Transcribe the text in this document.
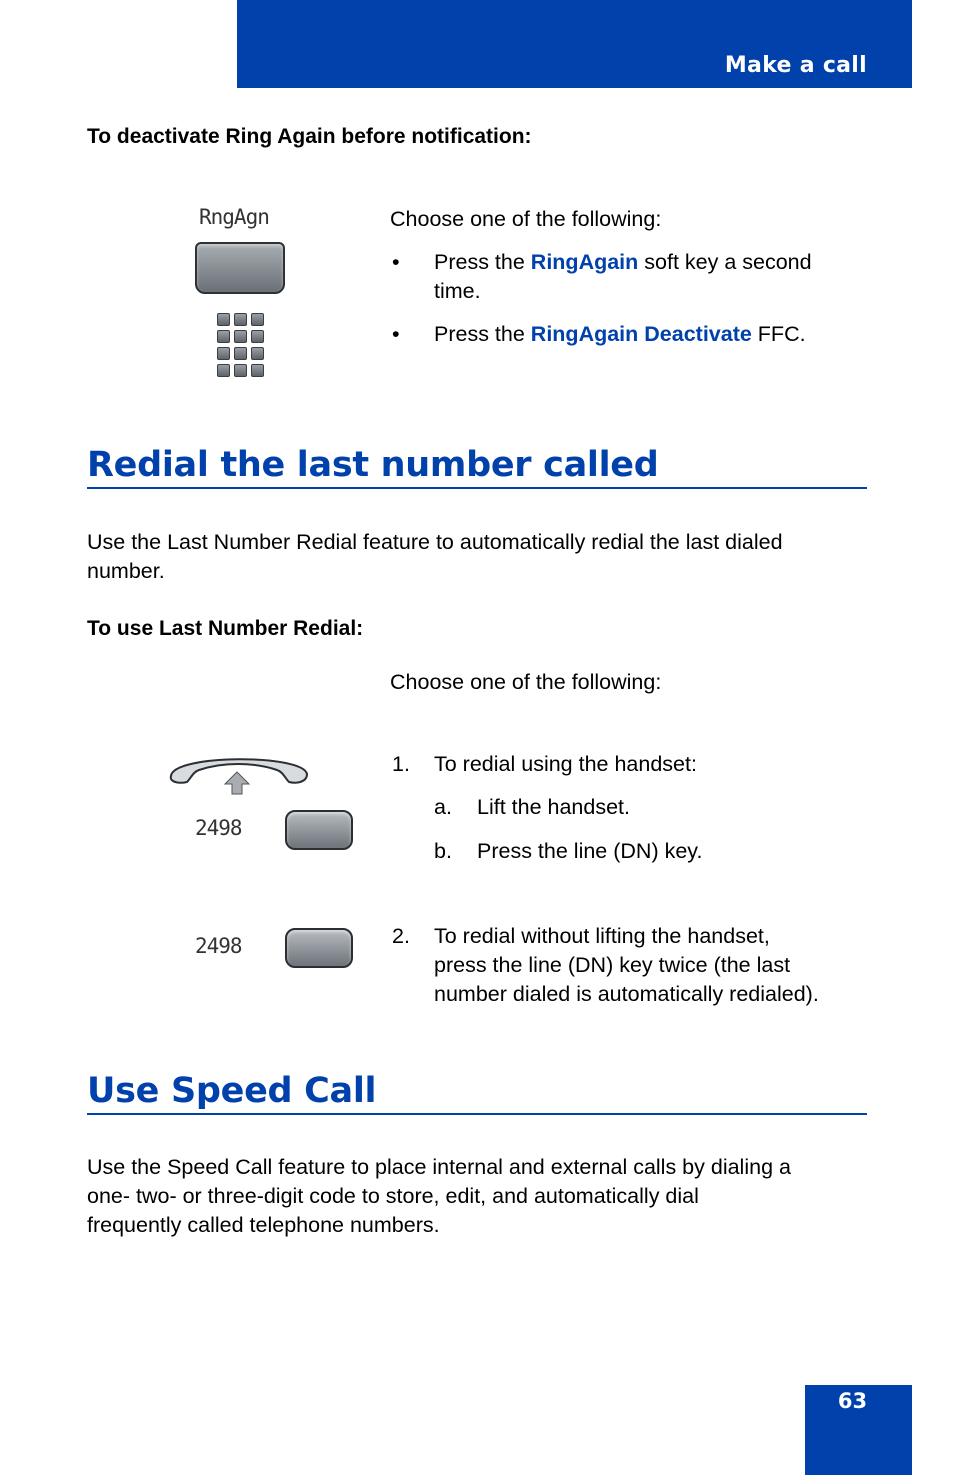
Make a call
To deactivate Ring Again before notification:
RngAgn	Choose one of the following:
• Press the RingAgain soft key a second
time.
• Press the RingAgain Deactivate FFC.
Redial the last number called
Use the Last Number Redial feature to automatically redial the last dialed
number.
To use Last Number Redial:
Choose one of the following:
2498
1. To redial using the handset:
a. Lift the handset.
b. Press the line (DN) key.
2498	2. To redial without lifting the handset,
press the line (DN) key twice (the last
number dialed is automatically redialed).
Use Speed Call
Use the Speed Call feature to place internal and external calls by dialing a
one- two- or three-digit code to store, edit, and automatically dial
frequently called telephone numbers.
63
